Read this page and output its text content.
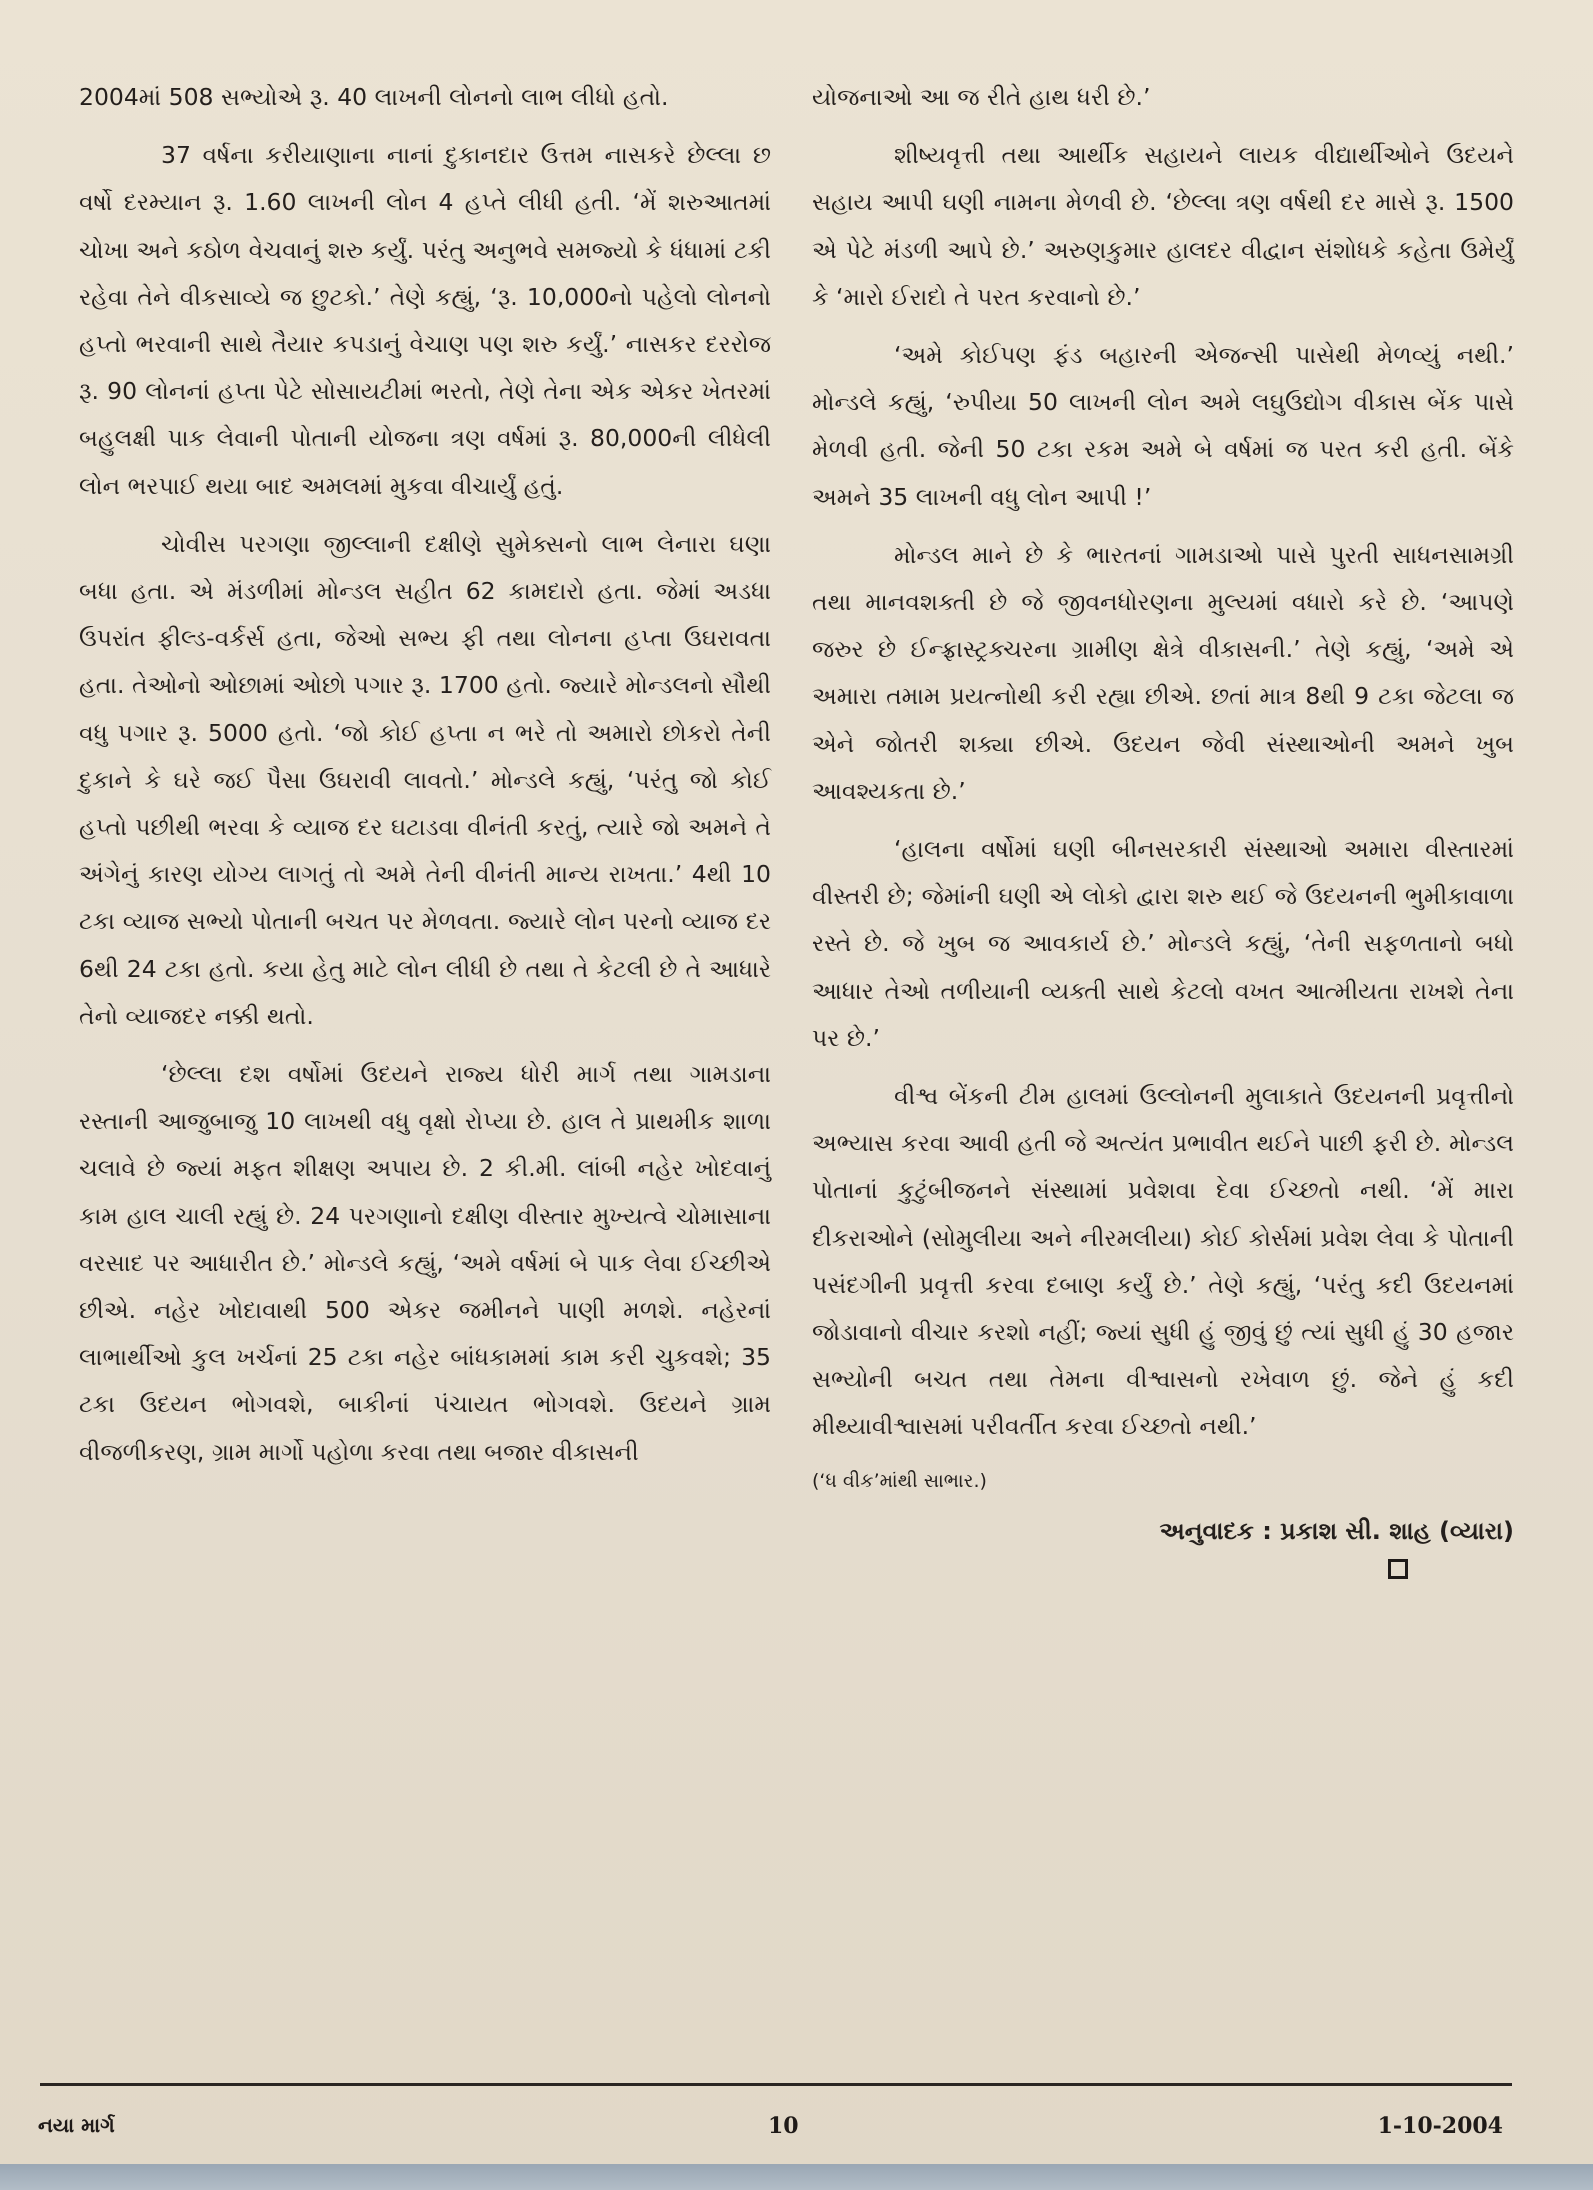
2004માં 508 સભ્યોએ રૂ. 40 લાખની લોનનો લાભ લીધો હતો.

37 વર્ષના કરીયાણાના નાનાં દુકાનદાર ઉત્તમ નાસકરે છેલ્લા છ વર્ષો દરમ્યાન રૂ. 1.60 લાખની લોન 4 હપ્તે લીધી હતી. ‘મેં શરુઆતમાં ચોખા અને કઠોળ વેચવાનું શરુ કર્યું. પરંતુ અનુભવે સમજ્યો કે ધંધામાં ટકી રહેવા તેને વીકસાવ્યે જ છુટકો.’ તેણે કહ્યું, ‘રૂ. 10,000નો પહેલો લોનનો હપ્તો ભરવાની સાથે તૈયાર કપડાનું વેચાણ પણ શરુ કર્યું.’ નાસકર દરરોજ રૂ. 90 લોનનાં હપ્તા પેટે સોસાયટીમાં ભરતો, તેણે તેના એક એકર ખેતરમાં બહુલક્ષી પાક લેવાની પોતાની યોજના ત્રણ વર્ષમાં રૂ. 80,000ની લીધેલી લોન ભરપાઈ થયા બાદ અમલમાં મુકવા વીચાર્યું હતું.

ચોવીસ પરગણા જીલ્લાની દક્ષીણે સુમેક્સનો લાભ લેનારા ઘણા બધા હતા. એ મંડળીમાં મોન્ડલ સહીત 62 કામદારો હતા. જેમાં અડધા ઉપરાંત ફીલ્ડ-વર્કર્સ હતા, જેઓ સભ્ય ફી તથા લોનના હપ્તા ઉઘરાવતા હતા. તેઓનો ઓછામાં ઓછો પગાર રૂ. 1700 હતો. જ્યારે મોન્ડલનો સૌથી વધુ પગાર રૂ. 5000 હતો. ‘જો કોઈ હપ્તા ન ભરે તો અમારો છોકરો તેની દુકાને કે ઘરે જઈ પૈસા ઉઘરાવી લાવતો.’ મોન્ડલે કહ્યું, ‘પરંતુ જો કોઈ હપ્તો પછીથી ભરવા કે વ્યાજ દર ઘટાડવા વીનંતી કરતું, ત્યારે જો અમને તે અંગેનું કારણ યોગ્ય લાગતું તો અમે તેની વીનંતી માન્ય રાખતા.’ 4થી 10 ટકા વ્યાજ સભ્યો પોતાની બચત પર મેળવતા. જ્યારે લોન પરનો વ્યાજ દર 6થી 24 ટકા હતો. કયા હેતુ માટે લોન લીધી છે તથા તે કેટલી છે તે આધારે તેનો વ્યાજદર નક્કી થતો.

‘છેલ્લા દશ વર્ષોમાં ઉદયને રાજ્ય ધોરી માર્ગ તથા ગામડાના રસ્તાની આજુબાજુ 10 લાખથી વધુ વૃક્ષો રોપ્યા છે. હાલ તે પ્રાથમીક શાળા ચલાવે છે જ્યાં મફત શીક્ષણ અપાય છે. 2 કી.મી. લાંબી નહેર ખોદવાનું કામ હાલ ચાલી રહ્યું છે. 24 પરગણાનો દક્ષીણ વીસ્તાર મુખ્યત્વે ચોમાસાના વરસાદ પર આધારીત છે.’ મોન્ડલે કહ્યું, ‘અમે વર્ષમાં બે પાક લેવા ઈચ્છીએ છીએ. નહેર ખોદાવાથી 500 એકર જમીનને પાણી મળશે. નહેરનાં લાભાર્થીઓ કુલ ખર્ચનાં 25 ટકા નહેર બાંધકામમાં કામ કરી ચુકવશે; 35 ટકા ઉદયન ભોગવશે, બાકીનાં પંચાયત ભોગવશે. ઉદયને ગ્રામ વીજળીકરણ, ગ્રામ માર્ગો પહોળા કરવા તથા બજાર વીકાસની

યોજનાઓ આ જ રીતે હાથ ધરી છે.’

શીષ્યવૃત્તી તથા આર્થીક સહાયને લાયક વીદ્યાર્થીઓને ઉદયને સહાય આપી ઘણી નામના મેળવી છે. ‘છેલ્લા ત્રણ વર્ષથી દર માસે રૂ. 1500 એ પેટે મંડળી આપે છે.’ અરુણકુમાર હાલદર વીદ્વાન સંશોધકે કહેતા ઉમેર્યું કે ‘મારો ઈરાદો તે પરત કરવાનો છે.’

‘અમે કોઈપણ ફંડ બહારની એજન્સી પાસેથી મેળવ્યું નથી.’ મોન્ડલે કહ્યું, ‘રુપીયા 50 લાખની લોન અમે લઘુઉદ્યોગ વીકાસ બેંક પાસે મેળવી હતી. જેની 50 ટકા રકમ અમે બે વર્ષમાં જ પરત કરી હતી. બેંકે અમને 35 લાખની વધુ લોન આપી !’

મોન્ડલ માને છે કે ભારતનાં ગામડાઓ પાસે પુરતી સાધનસામગ્રી તથા માનવશક્તી છે જે જીવનધોરણના મુલ્યમાં વધારો કરે છે. ‘આપણે જરુર છે ઈન્ફ્રાસ્ટ્રક્ચરના ગ્રામીણ ક્ષેત્રે વીકાસની.’ તેણે કહ્યું, ‘અમે એ અમારા તમામ પ્રયત્નોથી કરી રહ્યા છીએ. છતાં માત્ર 8થી 9 ટકા જેટલા જ એને જોતરી શક્યા છીએ. ઉદયન જેવી સંસ્થાઓની અમને ખુબ આવશ્યકતા છે.’

‘હાલના વર્ષોમાં ઘણી બીનસરકારી સંસ્થાઓ અમારા વીસ્તારમાં વીસ્તરી છે; જેમાંની ઘણી એ લોકો દ્વારા શરુ થઈ જે ઉદયનની ભુમીકાવાળા રસ્તે છે. જે ખુબ જ આવકાર્ય છે.’ મોન્ડલે કહ્યું, ‘તેની સફળતાનો બધો આધાર તેઓ તળીયાની વ્યક્તી સાથે કેટલો વખત આત્મીયતા રાખશે તેના પર છે.’

વીશ્વ બેંકની ટીમ હાલમાં ઉલ્લોનની મુલાકાતે ઉદયનની પ્રવૃત્તીનો અભ્યાસ કરવા આવી હતી જે અત્યંત પ્રભાવીત થઈને પાછી ફરી છે. મોન્ડલ પોતાનાં કુટુંબીજનને સંસ્થામાં પ્રવેશવા દેવા ઈચ્છતો નથી. ‘મેં મારા દીકરાઓને (સોમુલીયા અને નીરમલીયા) કોઈ કોર્સમાં પ્રવેશ લેવા કે પોતાની પસંદગીની પ્રવૃત્તી કરવા દબાણ કર્યું છે.’ તેણે કહ્યું, ‘પરંતુ કદી ઉદયનમાં જોડાવાનો વીચાર કરશો નહીં; જ્યાં સુધી હું જીવું છું ત્યાં સુધી હું 30 હજાર સભ્યોની બચત તથા તેમના વીશ્વાસનો રખેવાળ છું. જેને હું કદી મીથ્યાવીશ્વાસમાં પરીવર્તીત કરવા ઈચ્છતો નથી.’

(‘ધ વીક’માંથી સાભાર.)

અનુવાદક : પ્રકાશ સી. શાહ (વ્યારા)

નયા માર્ગ	10	1-10-2004
